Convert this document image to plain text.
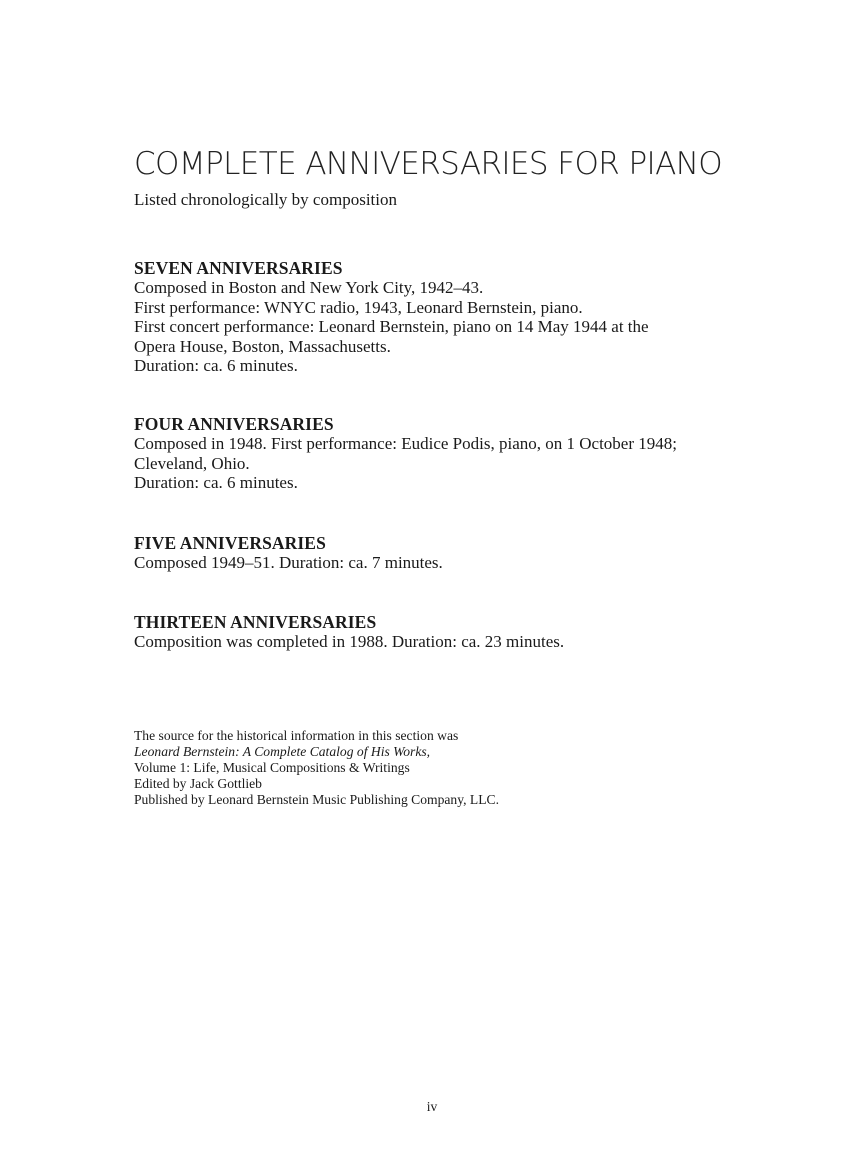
COMPLETE ANNIVERSARIES FOR PIANO

Listed chronologically by composition

SEVEN ANNIVERSARIES

Composed in Boston and New York City, 1942–43.

First performance: WNYC radio, 1943, Leonard Bernstein, piano.

First concert performance: Leonard Bernstein, piano on 14 May 1944 at the

Opera House, Boston, Massachusetts.

Duration: ca. 6 minutes.

FOUR ANNIVERSARIES

Composed in 1948. First performance: Eudice Podis, piano, on 1 October 1948;

Cleveland, Ohio.

Duration: ca. 6 minutes.

FIVE ANNIVERSARIES

Composed 1949–51. Duration: ca. 7 minutes.

THIRTEEN ANNIVERSARIES

Composition was completed in 1988. Duration: ca. 23 minutes.

The source for the historical information in this section was

Leonard Bernstein: A Complete Catalog of His Works,

Volume 1: Life, Musical Compositions & Writings

Edited by Jack Gottlieb

Published by Leonard Bernstein Music Publishing Company, LLC.

iv
